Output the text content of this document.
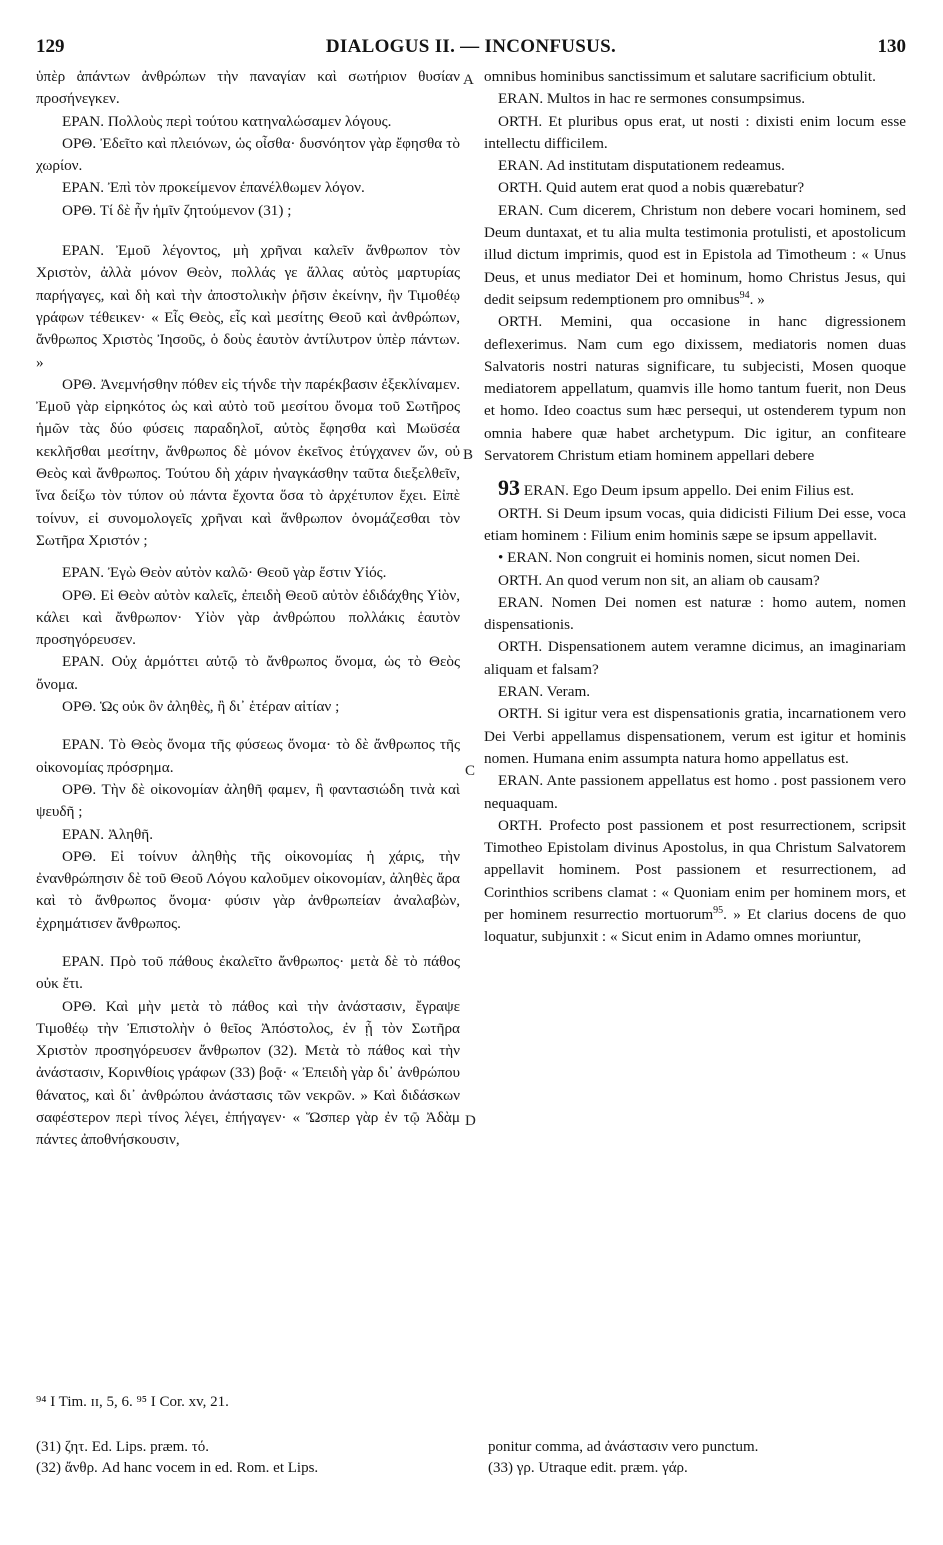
129	DIALOGUS II. — INCONFUSUS.	130
A
B
C
D

ὑπὲρ ἁπάντων ἀνθρώπων τὴν παναγίαν καὶ σωτήριον θυσίαν προσήνεγκεν.

ΕΡΑΝ. Πολλοὺς περὶ τούτου κατηναλώσαμεν λόγους.

ΟΡΘ. Ἐδεῖτο καὶ πλειόνων, ὡς οἶσθα· δυσνόητον γὰρ ἔφησθα τὸ χωρίον.

ΕΡΑΝ. Ἐπὶ τὸν προκείμενον ἐπανέλθωμεν λόγον.

ΟΡΘ. Τί δὲ ἦν ἡμῖν ζητούμενον (31) ;

ΕΡΑΝ. Ἐμοῦ λέγοντος, μὴ χρῆναι καλεῖν ἄνθρωπον τὸν Χριστὸν, ἀλλὰ μόνον Θεὸν, πολλάς γε ἄλλας αὐτὸς μαρτυρίας παρήγαγες, καὶ δὴ καὶ τὴν ἀποστολικὴν ῥῆσιν ἐκείνην, ἣν Τιμοθέῳ γράφων τέθεικεν· « Εἷς Θεὸς, εἷς καὶ μεσίτης Θεοῦ καὶ ἀνθρώπων, ἄνθρωπος Χριστὸς Ἰησοῦς, ὁ δοὺς ἑαυτὸν ἀντίλυτρον ὑπὲρ πάντων. »

ΟΡΘ. Ἀνεμνήσθην πόθεν εἰς τήνδε τὴν παρέκβασιν ἐξεκλίναμεν. Ἐμοῦ γὰρ εἰρηκότος ὡς καὶ αὐτὸ τοῦ μεσίτου ὄνομα τοῦ Σωτῆρος ἡμῶν τὰς δύο φύσεις παραδηλοῖ, αὐτὸς ἔφησθα καὶ Μωϋσέα κεκλῆσθαι μεσίτην, ἄνθρωπος δὲ μόνον ἐκεῖνος ἐτύγχανεν ὤν, οὐ Θεὸς καὶ ἄνθρωπος. Τούτου δὴ χάριν ἠναγκάσθην ταῦτα διεξελθεῖν, ἵνα δείξω τὸν τύπον οὐ πάντα ἔχοντα ὅσα τὸ ἀρχέτυπον ἔχει. Εἰπὲ τοίνυν, εἰ συνομολογεῖς χρῆναι καὶ ἄνθρωπον ὀνομάζεσθαι τὸν Σωτῆρα Χριστόν ;

ΕΡΑΝ. Ἐγὼ Θεὸν αὐτὸν καλῶ· Θεοῦ γὰρ ἔστιν Υἱός.

ΟΡΘ. Εἰ Θεὸν αὐτὸν καλεῖς, ἐπειδὴ Θεοῦ αὐτὸν ἐδιδάχθης Υἱὸν, κάλει καὶ ἄνθρωπον· Υἱὸν γὰρ ἀνθρώπου πολλάκις ἑαυτὸν προσηγόρευσεν.

ΕΡΑΝ. Οὐχ ἁρμόττει αὐτῷ τὸ ἄνθρωπος ὄνομα, ὡς τὸ Θεὸς ὄνομα.

ΟΡΘ. Ὡς οὐκ ὂν ἀληθὲς, ἢ δι᾽ ἑτέραν αἰτίαν ;

ΕΡΑΝ. Τὸ Θεὸς ὄνομα τῆς φύσεως ὄνομα· τὸ δὲ ἄνθρωπος τῆς οἰκονομίας πρόσρημα.

ΟΡΘ. Τὴν δὲ οἰκονομίαν ἀληθῆ φαμεν, ἢ φαντασιώδη τινὰ καὶ ψευδῆ ;

ΕΡΑΝ. Ἀληθῆ.

ΟΡΘ. Εἰ τοίνυν ἀληθὴς τῆς οἰκονομίας ἡ χάρις, τὴν ἐνανθρώπησιν δὲ τοῦ Θεοῦ Λόγου καλοῦμεν οἰκονομίαν, ἀληθὲς ἄρα καὶ τὸ ἄνθρωπος ὄνομα· φύσιν γὰρ ἀνθρωπείαν ἀναλαβὼν, ἐχρημάτισεν ἄνθρωπος.

ΕΡΑΝ. Πρὸ τοῦ πάθους ἐκαλεῖτο ἄνθρωπος· μετὰ δὲ τὸ πάθος οὐκ ἔτι.

ΟΡΘ. Καὶ μὴν μετὰ τὸ πάθος καὶ τὴν ἀνάστασιν, ἔγραψε Τιμοθέῳ τὴν Ἐπιστολὴν ὁ θεῖος Ἀπόστολος, ἐν ᾗ τὸν Σωτῆρα Χριστὸν προσηγόρευσεν ἄνθρωπον (32). Μετὰ τὸ πάθος καὶ τὴν ἀνάστασιν, Κορινθίοις γράφων (33) βοᾷ· « Ἐπειδὴ γὰρ δι᾽ ἀνθρώπου θάνατος, καὶ δι᾽ ἀνθρώπου ἀνάστασις τῶν νεκρῶν. » Καὶ διδάσκων σαφέστερον περὶ τίνος λέγει, ἐπήγαγεν· « Ὥσπερ γὰρ ἐν τῷ Ἀδὰμ πάντες ἀποθνήσκουσιν,

omnibus hominibus sanctissimum et salutare sacrificium obtulit.

ERAN. Multos in hac re sermones consumpsimus.

ORTH. Et pluribus opus erat, ut nosti : dixisti enim locum esse intellectu difficilem.

ERAN. Ad institutam disputationem redeamus.

ORTH. Quid autem erat quod a nobis quærebatur?

ERAN. Cum dicerem, Christum non debere vocari hominem, sed Deum duntaxat, et tu alia multa testimonia protulisti, et apostolicum illud dictum imprimis, quod est in Epistola ad Timotheum : « Unus Deus, et unus mediator Dei et hominum, homo Christus Jesus, qui dedit seipsum redemptionem pro omnibus$^{94}$. »

ORTH. Memini, qua occasione in hanc digressionem deflexerimus. Nam cum ego dixissem, mediatoris nomen duas Salvatoris nostri naturas significare, tu subjecisti, Mosen quoque mediatorem appellatum, quamvis ille homo tantum fuerit, non Deus et homo. Ideo coactus sum hæc persequi, ut ostenderem typum non omnia habere quæ habet archetypum. Dic igitur, an confiteare Servatorem Christum etiam hominem appellari debere

93 ERAN. Ego Deum ipsum appello. Dei enim Filius est.

ORTH. Si Deum ipsum vocas, quia didicisti Filium Dei esse, voca etiam hominem : Filium enim hominis sæpe se ipsum appellavit.

• ERAN. Non congruit ei hominis nomen, sicut nomen Dei.

ORTH. An quod verum non sit, an aliam ob causam?

ERAN. Nomen Dei nomen est naturæ : homo autem, nomen dispensationis.

ORTH. Dispensationem autem veramne dicimus, an imaginariam aliquam et falsam?

ERAN. Veram.

ORTH. Si igitur vera est dispensationis gratia, incarnationem vero Dei Verbi appellamus dispensationem, verum est igitur et hominis nomen. Humana enim assumpta natura homo appellatus est.

ERAN. Ante passionem appellatus est homo . post passionem vero nequaquam.

ORTH. Profecto post passionem et post resurrectionem, scripsit Timotheo Epistolam divinus Apostolus, in qua Christum Salvatorem appellavit hominem. Post passionem et resurrectionem, ad Corinthios scribens clamat : « Quoniam enim per hominem mors, et per hominem resurrectio mortuorum$^{95}$. » Et clarius docens de quo loquatur, subjunxit : « Sicut enim in Adamo omnes moriuntur,

⁹⁴ I Tim. ɪɪ, 5, 6. ⁹⁵ I Cor. xv, 21.

(31) ζητ. Ed. Lips. præm. τό.

(32) ἄνθρ. Ad hanc vocem in ed. Rom. et Lips.

ponitur comma, ad ἀνάστασιν vero punctum.

(33) γρ. Utraque edit. præm. γάρ.
